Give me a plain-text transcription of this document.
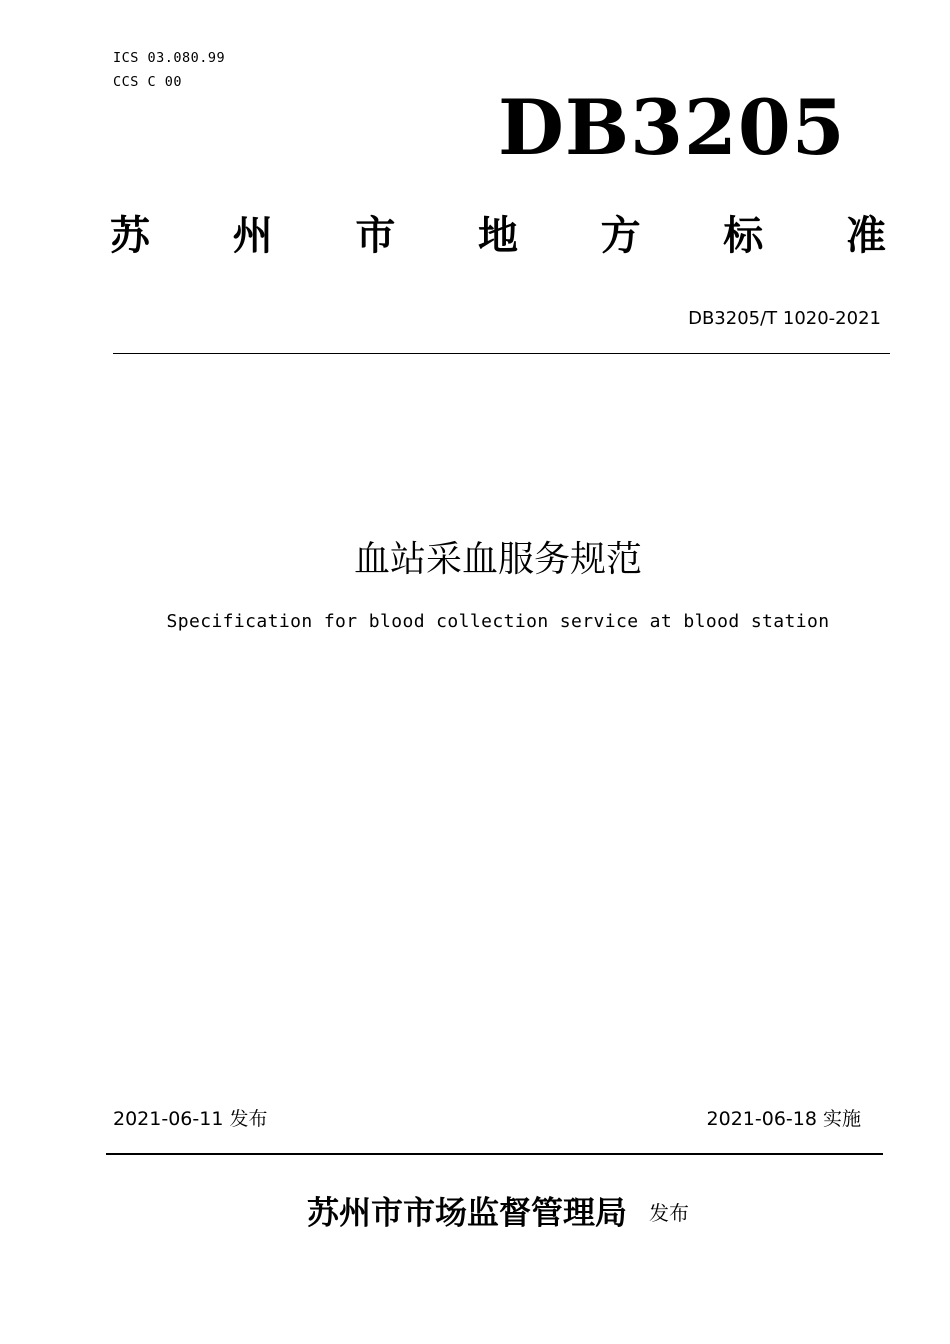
ICS 03.080.99
CCS C 00
DB3205
苏 州 市 地 方 标 准
DB3205/T 1020-2021
血站采血服务规范
Specification for blood collection service at blood station
2021-06-11 发布	2021-06-18 实施
苏州市市场监督管理局 发布
